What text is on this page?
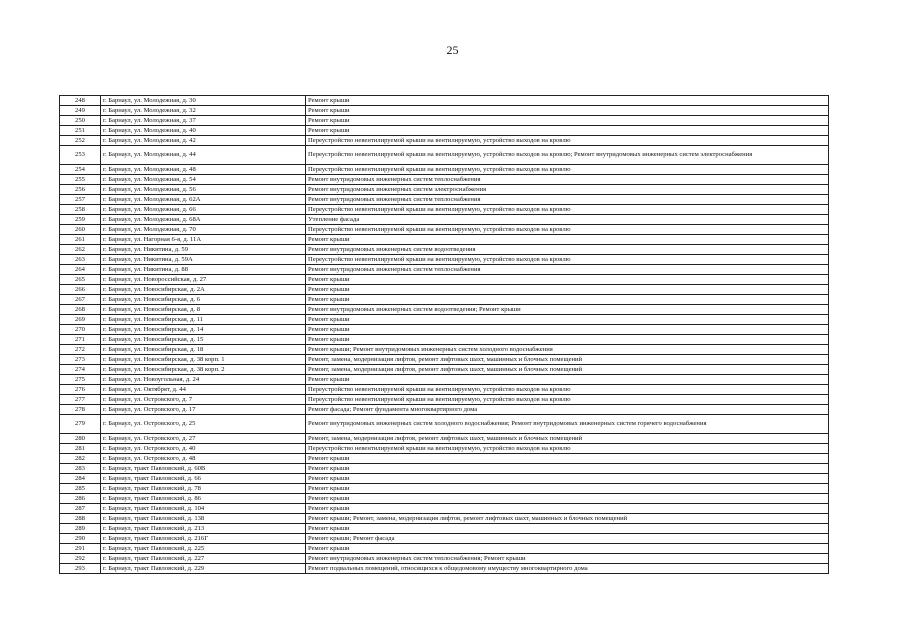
25
248	г. Барнаул, ул. Молодежная, д. 30	Ремонт крыши
249	г. Барнаул, ул. Молодежная, д. 32	Ремонт крыши
250	г. Барнаул, ул. Молодежная, д. 37	Ремонт крыши
251	г. Барнаул, ул. Молодежная, д. 40	Ремонт крыши
252	г. Барнаул, ул. Молодежная, д. 42	Переустройство невентилируемой крыши на вентилируемую, устройство выходов на кровлю
253	г. Барнаул, ул. Молодежная, д. 44	Переустройство невентилируемой крыши на вентилируемую, устройство выходов на кровлю; Ремонт внутридомовых инженерных систем электроснабжения
254	г. Барнаул, ул. Молодежная, д. 48	Переустройство невентилируемой крыши на вентилируемую, устройство выходов на кровлю
255	г. Барнаул, ул. Молодежная, д. 54	Ремонт внутридомовых инженерных систем теплоснабжения
256	г. Барнаул, ул. Молодежная, д. 56	Ремонт внутридомовых инженерных систем электроснабжения
257	г. Барнаул, ул. Молодежная, д. 62А	Ремонт внутридомовых инженерных систем теплоснабжения
258	г. Барнаул, ул. Молодежная, д. 66	Переустройство невентилируемой крыши на вентилируемую, устройство выходов на кровлю
259	г. Барнаул, ул. Молодежная, д. 68А	Утепление фасада
260	г. Барнаул, ул. Молодежная, д. 70	Переустройство невентилируемой крыши на вентилируемую, устройство выходов на кровлю
261	г. Барнаул, ул. Нагорная 6-я, д. 11А	Ремонт крыши
262	г. Барнаул, ул. Никитина, д. 59	Ремонт внутридомовых инженерных систем водоотведения
263	г. Барнаул, ул. Никитина, д. 59А	Переустройство невентилируемой крыши на вентилируемую, устройство выходов на кровлю
264	г. Барнаул, ул. Никитина, д. 88	Ремонт внутридомовых инженерных систем теплоснабжения
265	г. Барнаул, ул. Новороссийская, д. 27	Ремонт крыши
266	г. Барнаул, ул. Новосибирская, д. 2А	Ремонт крыши
267	г. Барнаул, ул. Новосибирская, д. 6	Ремонт крыши
268	г. Барнаул, ул. Новосибирская, д. 8	Ремонт внутридомовых инженерных систем водоотведения; Ремонт крыши
269	г. Барнаул, ул. Новосибирская, д. 11	Ремонт крыши
270	г. Барнаул, ул. Новосибирская, д. 14	Ремонт крыши
271	г. Барнаул, ул. Новосибирская, д. 15	Ремонт крыши
272	г. Барнаул, ул. Новосибирская, д. 18	Ремонт крыши; Ремонт внутридомовых инженерных систем холодного водоснабжения
273	г. Барнаул, ул. Новосибирская, д. 38 корп. 1	Ремонт, замена, модернизация лифтов, ремонт лифтовых шахт, машинных и блочных помещений
274	г. Барнаул, ул. Новосибирская, д. 38 корп. 2	Ремонт, замена, модернизация лифтов, ремонт лифтовых шахт, машинных и блочных помещений
275	г. Барнаул, ул. Новоугольная, д. 24	Ремонт крыши
276	г. Барнаул, ул. Октябрят, д. 44	Переустройство невентилируемой крыши на вентилируемую, устройство выходов на кровлю
277	г. Барнаул, ул. Островского, д. 7	Переустройство невентилируемой крыши на вентилируемую, устройство выходов на кровлю
278	г. Барнаул, ул. Островского, д. 17	Ремонт фасада; Ремонт фундамента многоквартирного дома
279	г. Барнаул, ул. Островского, д. 25	Ремонт внутридомовых инженерных систем холодного водоснабжения; Ремонт внутридомовых инженерных систем горячего водоснабжения
280	г. Барнаул, ул. Островского, д. 27	Ремонт, замена, модернизация лифтов, ремонт лифтовых шахт, машинных и блочных помещений
281	г. Барнаул, ул. Островского, д. 40	Переустройство невентилируемой крыши на вентилируемую, устройство выходов на кровлю
282	г. Барнаул, ул. Островского, д. 48	Ремонт крыши
283	г. Барнаул, тракт Павловский, д. 60В	Ремонт крыши
284	г. Барнаул, тракт Павловский, д. 66	Ремонт крыши
285	г. Барнаул, тракт Павловский, д. 78	Ремонт крыши
286	г. Барнаул, тракт Павловский, д. 86	Ремонт крыши
287	г. Барнаул, тракт Павловский, д. 104	Ремонт крыши
288	г. Барнаул, тракт Павловский, д. 138	Ремонт крыши; Ремонт, замена, модернизация лифтов, ремонт лифтовых шахт, машинных и блочных помещений
289	г. Барнаул, тракт Павловский, д. 213	Ремонт крыши
290	г. Барнаул, тракт Павловский, д. 216Г	Ремонт крыши; Ремонт фасада
291	г. Барнаул, тракт Павловский, д. 225	Ремонт крыши
292	г. Барнаул, тракт Павловский, д. 227	Ремонт внутридомовых инженерных систем теплоснабжения; Ремонт крыши
293	г. Барнаул, тракт Павловский, д. 229	Ремонт подвальных помещений, относящихся к общедомовому имуществу многоквартирного дома
